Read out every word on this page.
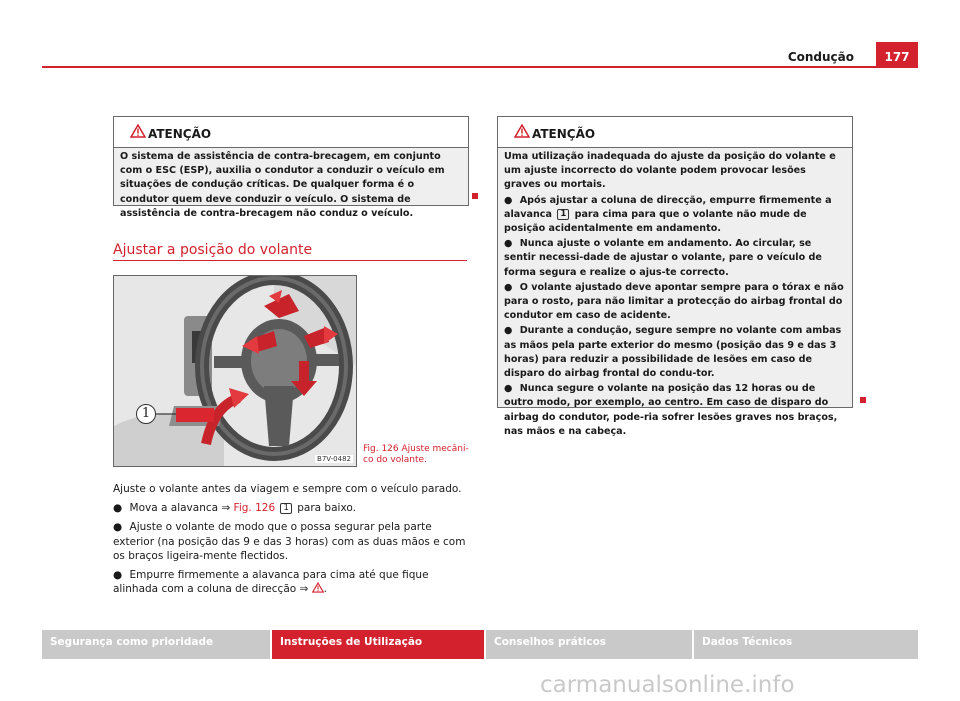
Condução	177
ATENÇÃO

O sistema de assistência de contra-brecagem, em conjunto com o ESC (ESP), auxilia o condutor a conduzir o veículo em situações de condução críticas. De qualquer forma é o condutor quem deve conduzir o veículo. O sistema de assistência de contra-brecagem não conduz o veículo.

Ajustar a posição do volante
1
B7V-0482
Fig. 126 Ajuste mecâni-
co do volante.

Ajuste o volante antes da viagem e sempre com o veículo parado.

● Mova a alavanca ⇒ Fig. 126 1 para baixo.

● Ajuste o volante de modo que o possa segurar pela parte exterior (na posição das 9 e das 3 horas) com as duas mãos e com os braços ligeira-mente flectidos.

● Empurre firmemente a alavanca para cima até que fique alinhada com a coluna de direcção ⇒ .

ATENÇÃO

Uma utilização inadequada do ajuste da posição do volante e um ajuste incorrecto do volante podem provocar lesões graves ou mortais.

● Após ajustar a coluna de direcção, empurre firmemente a alavanca 1 para cima para que o volante não mude de posição acidentalmente em andamento.

● Nunca ajuste o volante em andamento. Ao circular, se sentir necessi-dade de ajustar o volante, pare o veículo de forma segura e realize o ajus-te correcto.

● O volante ajustado deve apontar sempre para o tórax e não para o rosto, para não limitar a protecção do airbag frontal do condutor em caso de acidente.

● Durante a condução, segure sempre no volante com ambas as mãos pela parte exterior do mesmo (posição das 9 e das 3 horas) para reduzir a possibilidade de lesões em caso de disparo do airbag frontal do condu-tor.

● Nunca segure o volante na posição das 12 horas ou de outro modo, por exemplo, ao centro. Em caso de disparo do airbag do condutor, pode-ria sofrer lesões graves nos braços, nas mãos e na cabeça.

Segurança como prioridade	Instruções de Utilização	Conselhos práticos	Dados Técnicos
carmanualsonline.info
